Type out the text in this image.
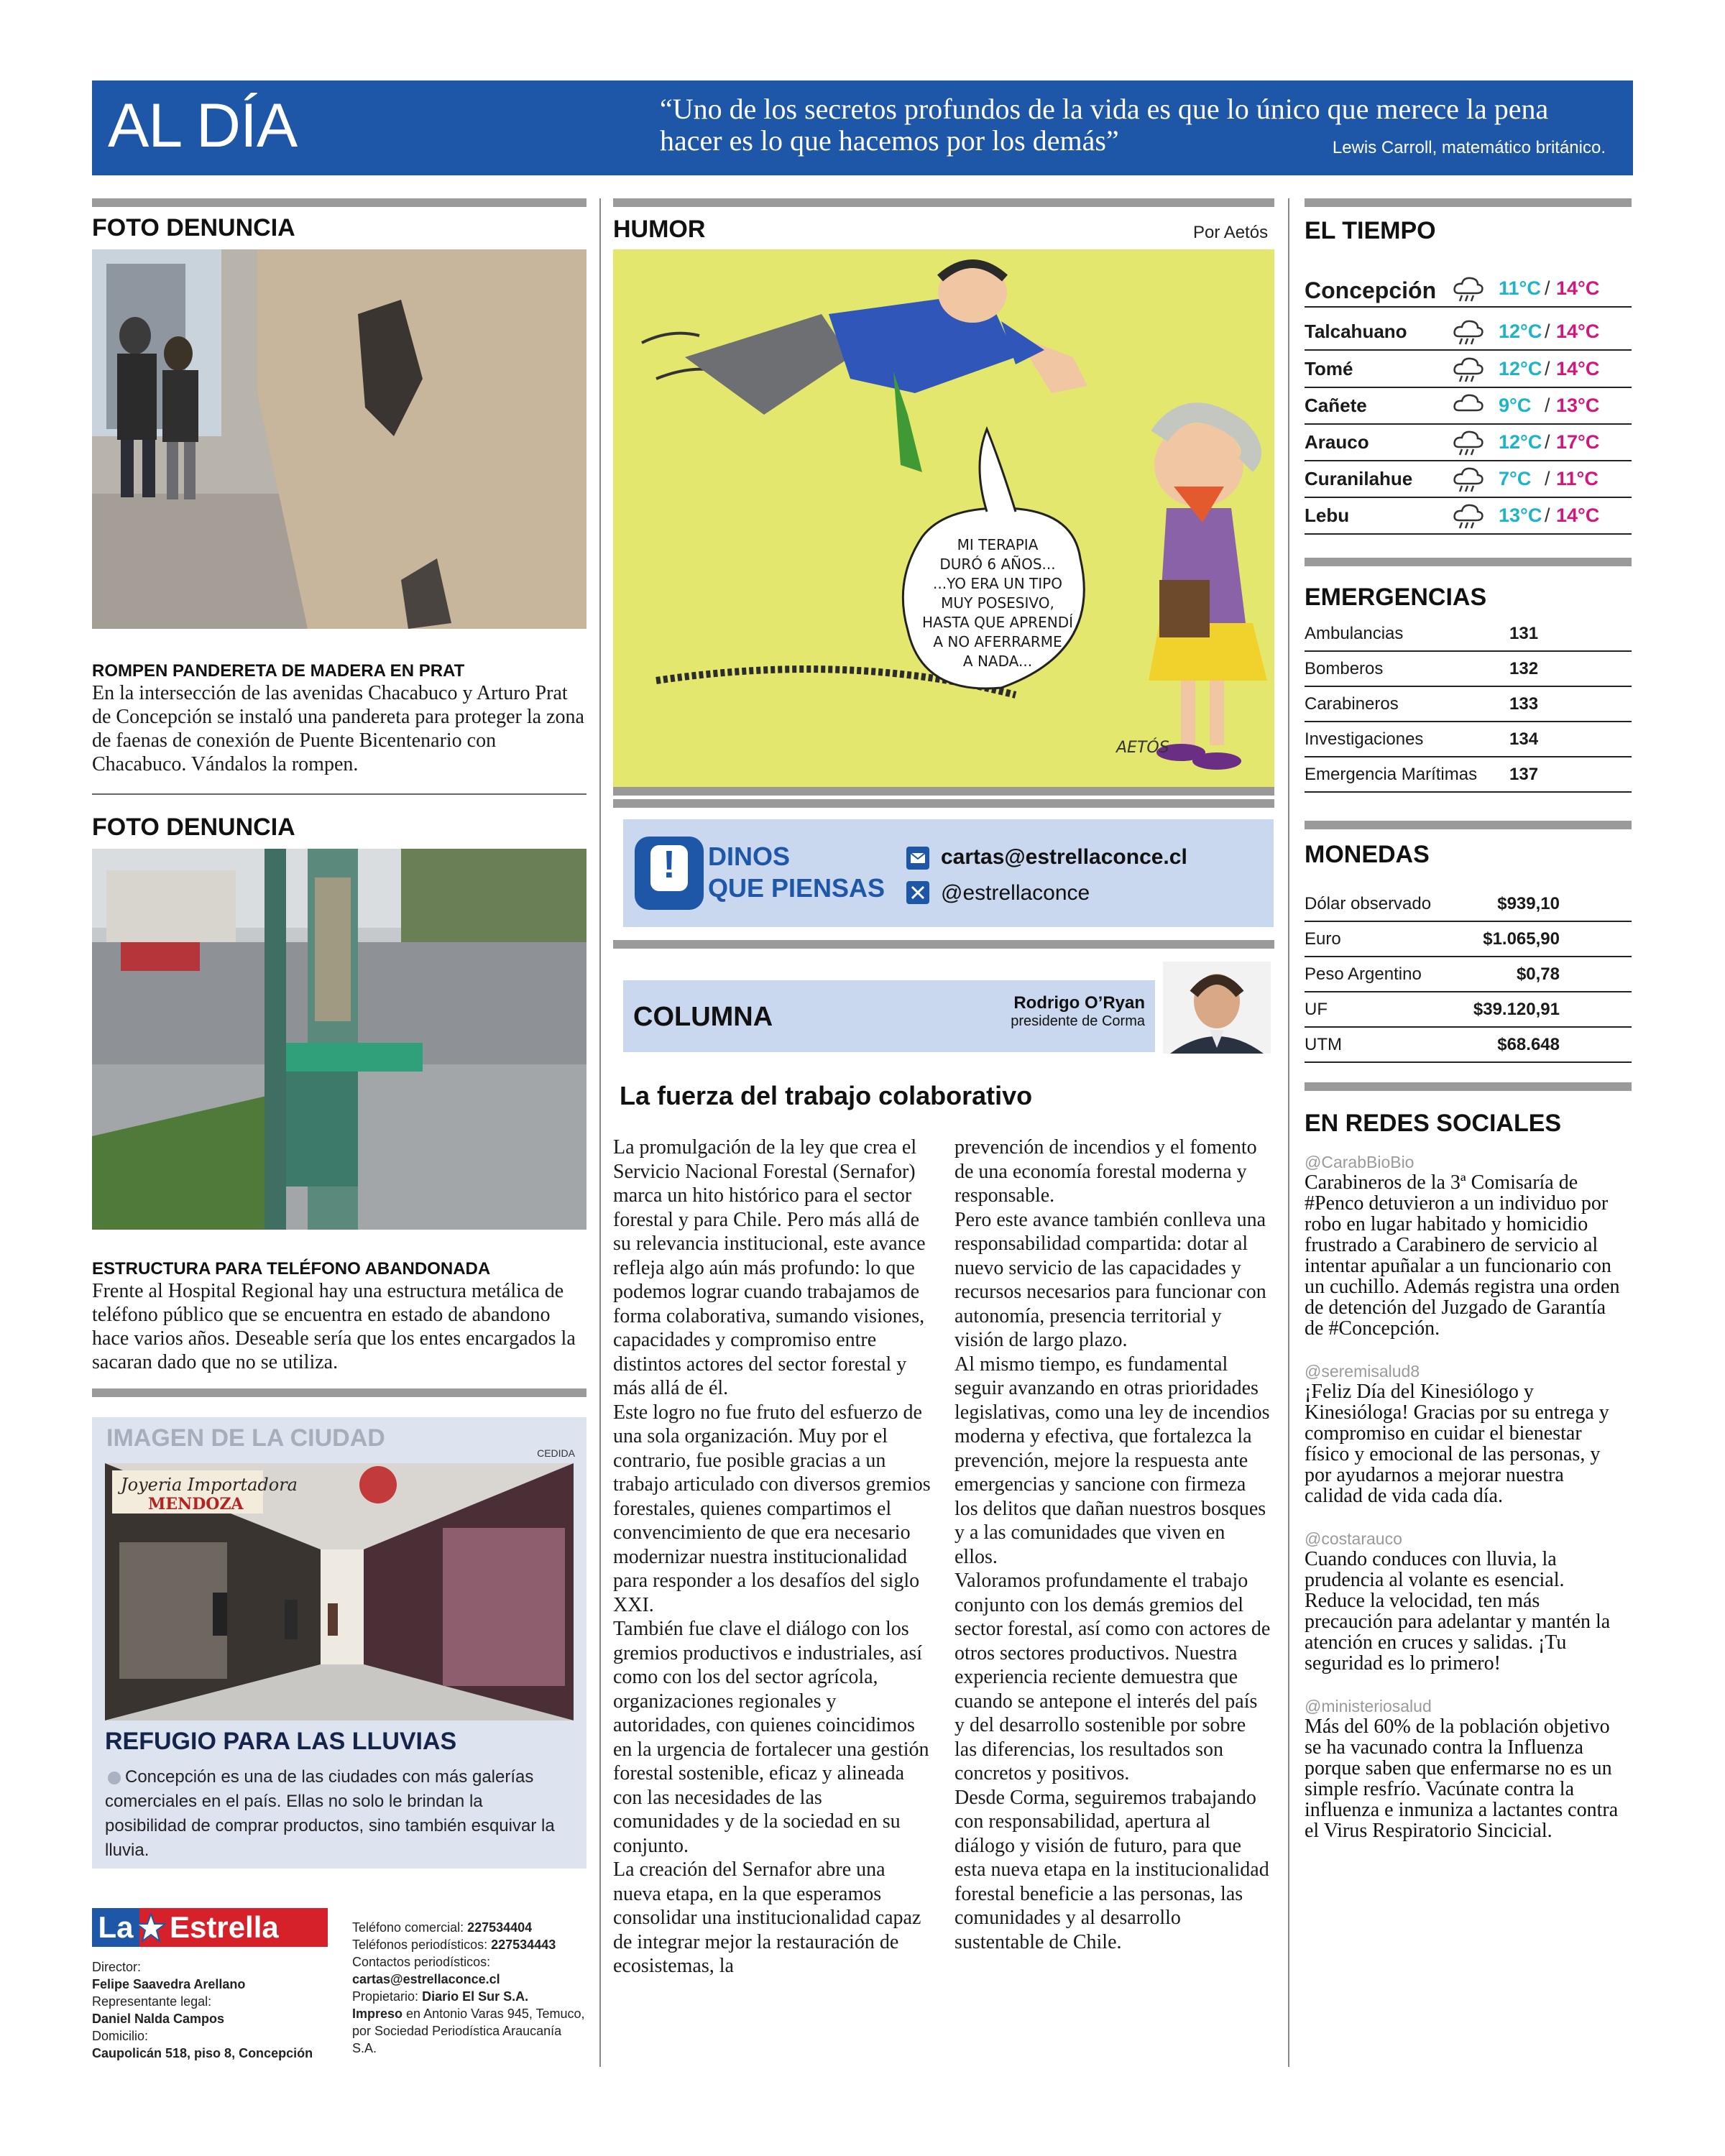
AL DÍA	“Uno de los secretos profundos de la vida es que lo único que merece la pena hacer es lo que hacemos por los demás”	Lewis Carroll, matemático británico.
FOTO DENUNCIA
ROMPEN PANDERETA DE MADERA EN PRAT
En la intersección de las avenidas Chacabuco y Arturo Prat de Concepción se instaló una pandereta para proteger la zona de faenas de conexión de Puente Bicentenario con Chacabuco. Vándalos la rompen.
FOTO DENUNCIA
ESTRUCTURA PARA TELÉFONO ABANDONADA
Frente al Hospital Regional hay una estructura metálica de teléfono público que se encuentra en estado de abandono hace varios años. Deseable sería que los entes encargados la sacaran dado que no se utiliza.
IMAGEN DE LA CIUDAD
CEDIDA
Joyeria Importadora
MENDOZA
REFUGIO PARA LAS LLUVIAS
Concepción es una de las ciudades con más galerías comerciales en el país. Ellas no solo le brindan la posibilidad de comprar productos, sino también esquivar la lluvia.
La Estrella
Director:
Felipe Saavedra Arellano
Representante legal:
Daniel Nalda Campos
Domicilio:
Caupolicán 518, piso 8, Concepción
Teléfono comercial: 227534404
Teléfonos periodísticos: 227534443
Contactos periodísticos:
cartas@estrellaconce.cl
Propietario: Diario El Sur S.A.
Impreso en Antonio Varas 945, Temuco, por Sociedad Periodística Araucanía S.A.
HUMOR	Por Aetós
MI TERAPIA
DURÓ 6 AÑOS...
...YO ERA UN TIPO
MUY POSESIVO,
HASTA QUE APRENDÍ
A NO AFERRARME
A NADA...
AETÓS
!	DINOS
QUE PIENSAS
cartas@estrellaconce.cl
@estrellaconce
COLUMNA	Rodrigo O’Ryan
presidente de Corma
La fuerza del trabajo colaborativo
La promulgación de la ley que crea el Servicio Nacional Forestal (Sernafor) marca un hito histórico para el sector forestal y para Chile. Pero más allá de su relevancia institucional, este avance refleja algo aún más profundo: lo que podemos lograr cuando trabajamos de forma colaborativa, sumando visiones, capacidades y compromiso entre distintos actores del sector forestal y más allá de él.
Este logro no fue fruto del esfuerzo de una sola organización. Muy por el contrario, fue posible gracias a un trabajo articulado con diversos gremios forestales, quienes compartimos el convencimiento de que era necesario modernizar nuestra institucionalidad para responder a los desafíos del siglo XXI.
También fue clave el diálogo con los gremios productivos e industriales, así como con los del sector agrícola, organizaciones regionales y autoridades, con quienes coincidimos en la urgencia de fortalecer una gestión forestal sostenible, eficaz y alineada con las necesidades de las comunidades y de la sociedad en su conjunto.
La creación del Sernafor abre una nueva etapa, en la que esperamos consolidar una institucionalidad capaz de integrar mejor la restauración de ecosistemas, la
prevención de incendios y el fomento de una economía forestal moderna y responsable.
Pero este avance también conlleva una responsabilidad compartida: dotar al nuevo servicio de las capacidades y recursos necesarios para funcionar con autonomía, presencia territorial y visión de largo plazo.
Al mismo tiempo, es fundamental seguir avanzando en otras prioridades legislativas, como una ley de incendios moderna y efectiva, que fortalezca la prevención, mejore la respuesta ante emergencias y sancione con firmeza los delitos que dañan nuestros bosques y a las comunidades que viven en ellos.
Valoramos profundamente el trabajo conjunto con los demás gremios del sector forestal, así como con actores de otros sectores productivos. Nuestra experiencia reciente demuestra que cuando se antepone el interés del país y del desarrollo sostenible por sobre las diferencias, los resultados son concretos y positivos.
Desde Corma, seguiremos trabajando con responsabilidad, apertura al diálogo y visión de futuro, para que esta nueva etapa en la institucionalidad forestal beneficie a las personas, las comunidades y al desarrollo sustentable de Chile.
EL TIEMPO
Concepción	11°C / 14°C
Talcahuano	12°C / 14°C
Tomé	12°C / 14°C
Cañete	9°C / 13°C
Arauco	12°C / 17°C
Curanilahue	7°C / 11°C
Lebu	13°C / 14°C
EMERGENCIAS
Ambulancias	131
Bomberos	132
Carabineros	133
Investigaciones	134
Emergencia Marítimas 137
MONEDAS
Dólar observado	$939,10
Euro	$1.065,90
Peso Argentino	$0,78
UF	$39.120,91
UTM	$68.648
EN REDES SOCIALES
@CarabBioBio
Carabineros de la 3ª Comisaría de #Penco detuvieron a un individuo por robo en lugar habitado y homicidio frustrado a Carabinero de servicio al intentar apuñalar a un funcionario con un cuchillo. Además registra una orden de detención del Juzgado de Garantía de #Concepción.
@seremisalud8
¡Feliz Día del Kinesiólogo y Kinesióloga! Gracias por su entrega y compromiso en cuidar el bienestar físico y emocional de las personas, y por ayudarnos a mejorar nuestra calidad de vida cada día.
@costarauco
Cuando conduces con lluvia, la prudencia al volante es esencial. Reduce la velocidad, ten más precaución para adelantar y mantén la atención en cruces y salidas. ¡Tu seguridad es lo primero!
@ministeriosalud
Más del 60% de la población objetivo se ha vacunado contra la Influenza porque saben que enfermarse no es un simple resfrío. Vacúnate contra la influenza e inmuniza a lactantes contra el Virus Respiratorio Sincicial.
